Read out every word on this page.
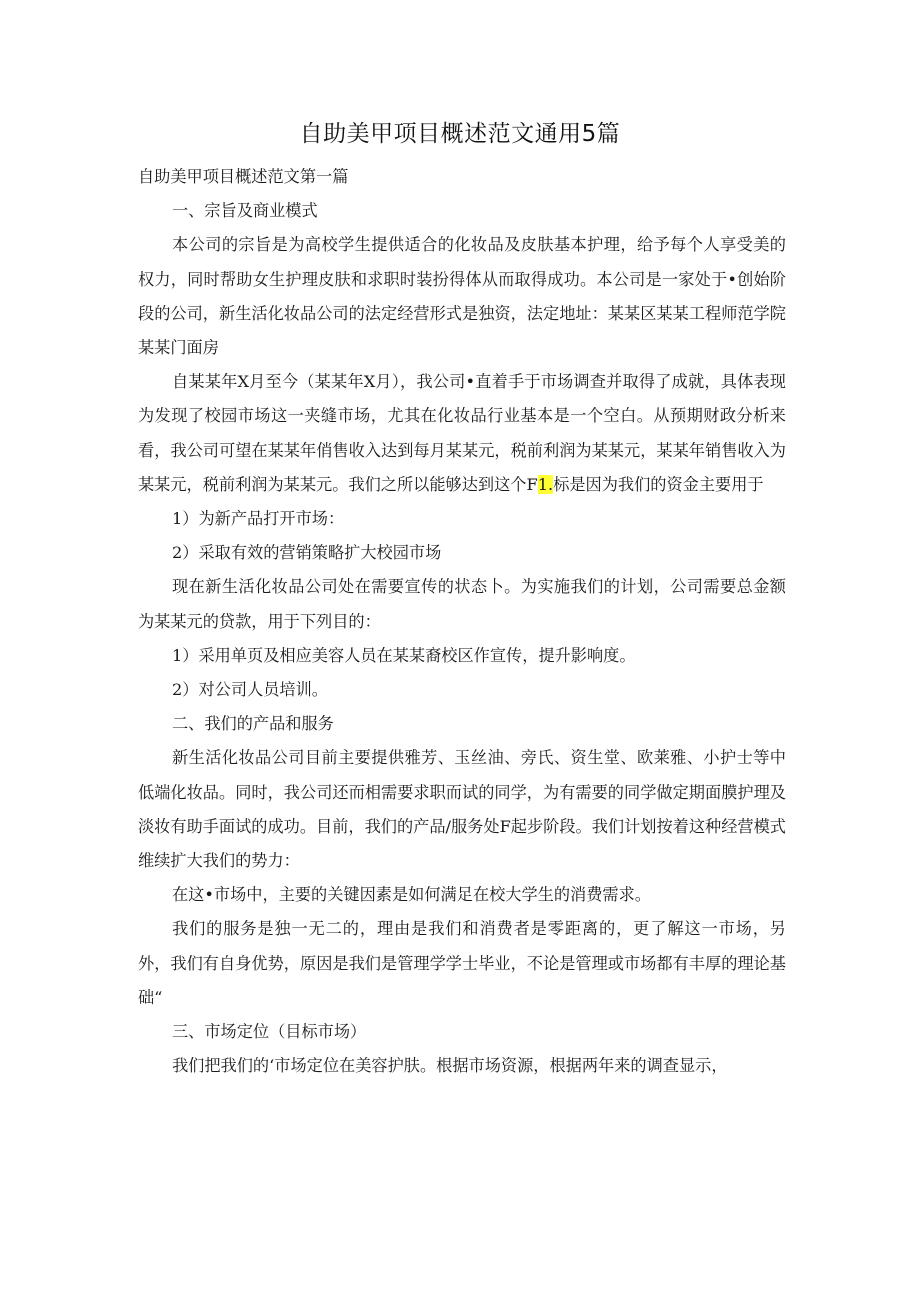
自助美甲项目概述范文通用5篇

自助美甲项目概述范文第一篇

一、宗旨及商业模式

本公司的宗旨是为高校学生提供适合的化妆品及皮肤基本护理，给予每个人享受美的权力，同时帮助女生护理皮肤和求职时装扮得体从而取得成功。本公司是一家处于•创始阶段的公司，新生活化妆品公司的法定经营形式是独资，法定地址：某某区某某工程师范学院某某门面房

自某某年X月至今（某某年X月），我公司•直着手于市场调查并取得了成就，具体表现为发现了校园市场这一夹缝市场，尤其在化妆品行业基本是一个空白。从预期财政分析来看，我公司可望在某某年俏售收入达到每月某某元，税前利润为某某元，某某年销售收入为某某元，税前利润为某某元。我们之所以能够达到这个F1.标是因为我们的资金主要用于

1）为新产品打开市场：

2）采取有效的营销策略扩大校园市场

现在新生活化妆品公司处在需要宣传的状态卜。为实施我们的计划，公司需要总金额为某某元的贷款，用于下列目的：

1）采用单页及相应美容人员在某某裔校区作宣传，提升影响度。

2）对公司人员培训。

二、我们的产品和服务

新生活化妆品公司目前主要提供雅芳、玉丝油、旁氏、资生堂、欧莱雅、小护士等中低端化妆品。同时，我公司还而相需要求职而试的同学，为有需要的同学做定期面膜护理及淡妆有助手面试的成功。目前，我们的产品/服务处F起步阶段。我们计划按着这种经营模式维续扩大我们的势力：

在这•市场中，主要的关键因素是如何满足在校大学生的消费需求。

我们的服务是独一无二的，理由是我们和消费者是零距离的，更了解这一市场，另外，我们有自身优势，原因是我们是管理学学士毕业，不论是管理或市场都有丰厚的理论基础“

三、市场定位（目标市场）

我们把我们的‘市场定位在美容护肤。根据市场资源，根据两年来的调查显示，
